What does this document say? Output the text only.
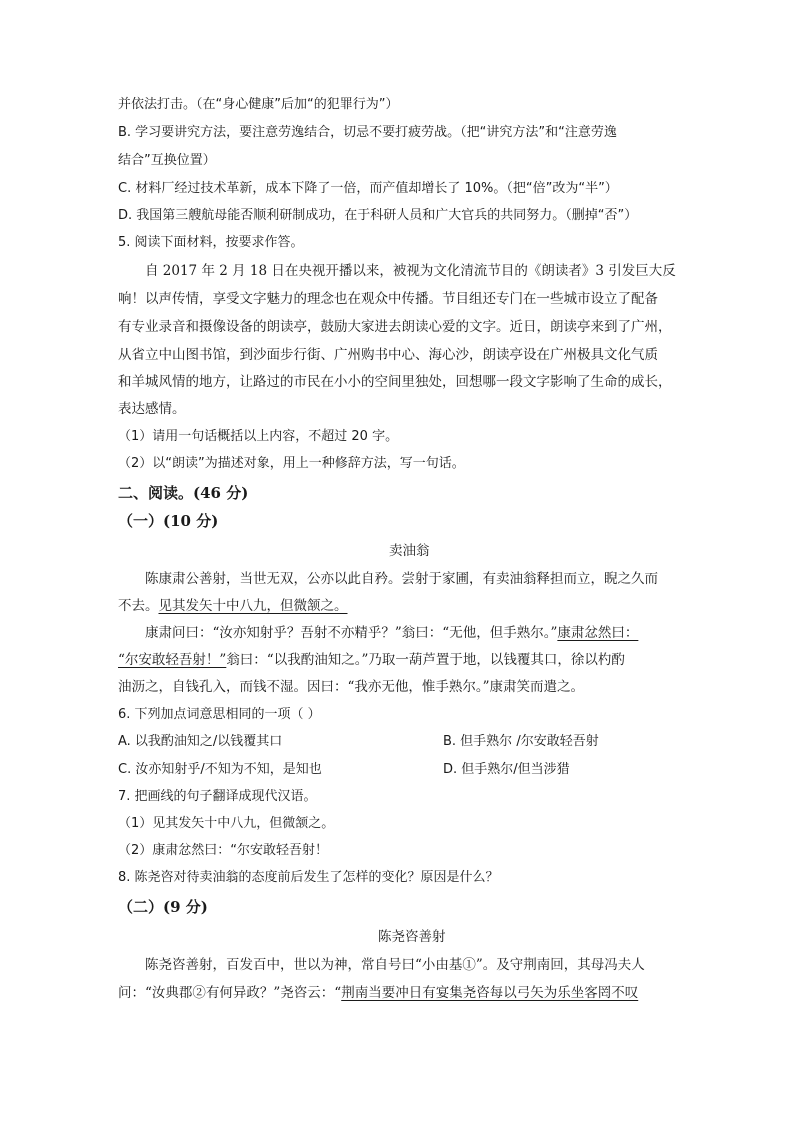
并依法打击。（在“身心健康”后加“的犯罪行为”）
B. 学习要讲究方法，要注意劳逸结合，切忌不要打疲劳战。（把“讲究方法”和“注意劳逸
结合”互换位置）
C. 材料厂经过技术革新，成本下降了一倍，而产值却增长了 10%。（把“倍”改为“半”）
D. 我国第三艘航母能否顺利研制成功，在于科研人员和广大官兵的共同努力。（删掉“否”）
5. 阅读下面材料，按要求作答。
自 2017 年 2 月 18 日在央视开播以来，被视为文化清流节目的《朗读者》3 引发巨大反
响！以声传情，享受文字魅力的理念也在观众中传播。节目组还专门在一些城市设立了配备
有专业录音和摄像设备的朗读亭，鼓励大家进去朗读心爱的文字。近日，朗读亭来到了广州，
从省立中山图书馆，到沙面步行街、广州购书中心、海心沙，朗读亭设在广州极具文化气质
和羊城风情的地方，让路过的市民在小小的空间里独处，回想哪一段文字影响了生命的成长，
表达感情。
（1）请用一句话概括以上内容，不超过 20 字。
（2）以“朗读”为描述对象，用上一种修辞方法，写一句话。
二、阅读。(46 分)
（一）(10 分)
卖油翁
陈康肃公善射，当世无双，公亦以此自矜。尝射于家圃，有卖油翁释担而立，睨之久而
不去。见其发矢十中八九，但微颔之。
康肃问曰：“汝亦知射乎？吾射不亦精乎？”翁曰：“无他，但手熟尔。”康肃忿然曰：
“尔安敢轻吾射！”翁曰：“以我酌油知之。”乃取一葫芦置于地，以钱覆其口，徐以杓酌
油沥之，自钱孔入，而钱不湿。因曰：“我亦无他，惟手熟尔。”康肃笑而遣之。
6. 下列加点词意思相同的一项（ ）
A. 以我酌油知之/以钱覆其口	B. 但手熟尔 /尔安敢轻吾射
C. 汝亦知射乎/不知为不知，是知也	D. 但手熟尔/但当涉猎
7. 把画线的句子翻译成现代汉语。
（1）见其发矢十中八九，但微颔之。
（2）康肃忿然曰：“尔安敢轻吾射！
8. 陈尧咨对待卖油翁的态度前后发生了怎样的变化？原因是什么？
（二）(9 分)
陈尧咨善射
陈尧咨善射，百发百中，世以为神，常自号曰“小由基①”。及守荆南回，其母冯夫人
问：“汝典郡②有何异政？”尧咨云：“荆南当要冲日有宴集尧咨每以弓矢为乐坐客罔不叹
